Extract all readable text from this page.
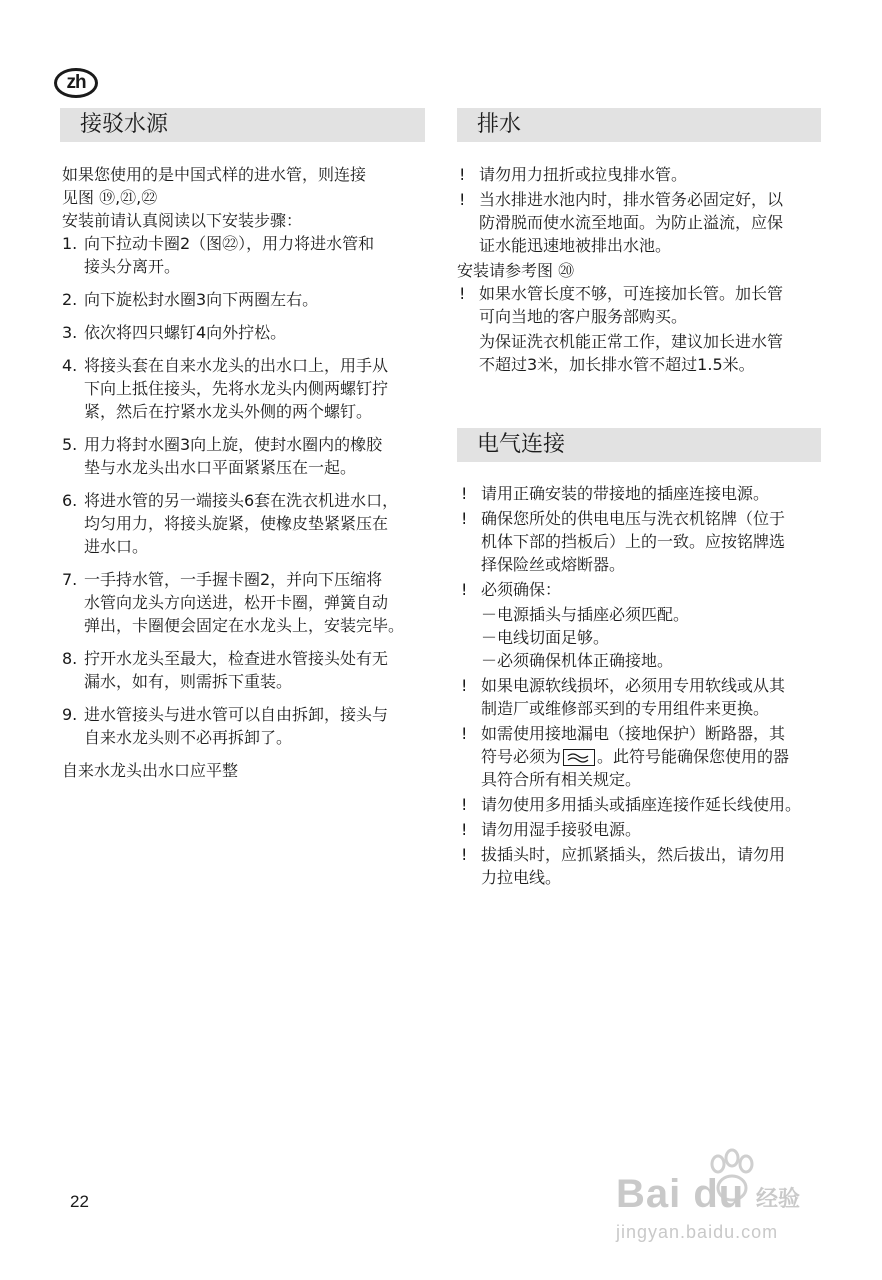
zh
接驳水源

如果您使用的是中国式样的进水管，则连接

见图 ⑲,㉑,㉒

安装前请认真阅读以下安装步骤：

1. 向下拉动卡圈2（图㉒），用力将进水管和
接头分离开。
2. 向下旋松封水圈3向下两圈左右。
3. 依次将四只螺钉4向外拧松。
4. 将接头套在自来水龙头的出水口上，用手从
下向上抵住接头，先将水龙头内侧两螺钉拧
紧，然后在拧紧水龙头外侧的两个螺钉。
5. 用力将封水圈3向上旋，使封水圈内的橡胶
垫与水龙头出水口平面紧紧压在一起。
6. 将进水管的另一端接头6套在洗衣机进水口，
均匀用力，将接头旋紧，使橡皮垫紧紧压在
进水口。
7. 一手持水管，一手握卡圈2，并向下压缩将
水管向龙头方向送进，松开卡圈，弹簧自动
弹出，卡圈便会固定在水龙头上，安装完毕。
8. 拧开水龙头至最大，检查进水管接头处有无
漏水，如有，则需拆下重装。
9. 进水管接头与进水管可以自由拆卸，接头与
自来水龙头则不必再拆卸了。

自来水龙头出水口应平整

排水
! 请勿用力扭折或拉曳排水管。
! 当水排进水池内时，排水管务必固定好，以
防滑脱而使水流至地面。为防止溢流，应保
证水能迅速地被排出水池。

安装请参考图 ⑳

! 如果水管长度不够，可连接加长管。加长管
可向当地的客户服务部购买。
为保证洗衣机能正常工作，建议加长进水管
不超过3米，加长排水管不超过1.5米。
电气连接
! 请用正确安装的带接地的插座连接电源。
! 确保您所处的供电电压与洗衣机铭牌（位于
机体下部的挡板后）上的一致。应按铭牌选
择保险丝或熔断器。
! 必须确保：
－电源插头与插座必须匹配。
－电线切面足够。
－必须确保机体正确接地。
! 如果电源软线损坏，必须用专用软线或从其
制造厂或维修部买到的专用组件来更换。
! 如需使用接地漏电（接地保护）断路器，其
符号必须为 。此符号能确保您使用的器
具符合所有相关规定。
! 请勿使用多用插头或插座连接作延长线使用。
! 请勿用湿手接驳电源。
! 拔插头时，应抓紧插头，然后拔出，请勿用
力拉电线。
22	Bai du 经验
jingyan.baidu.com
